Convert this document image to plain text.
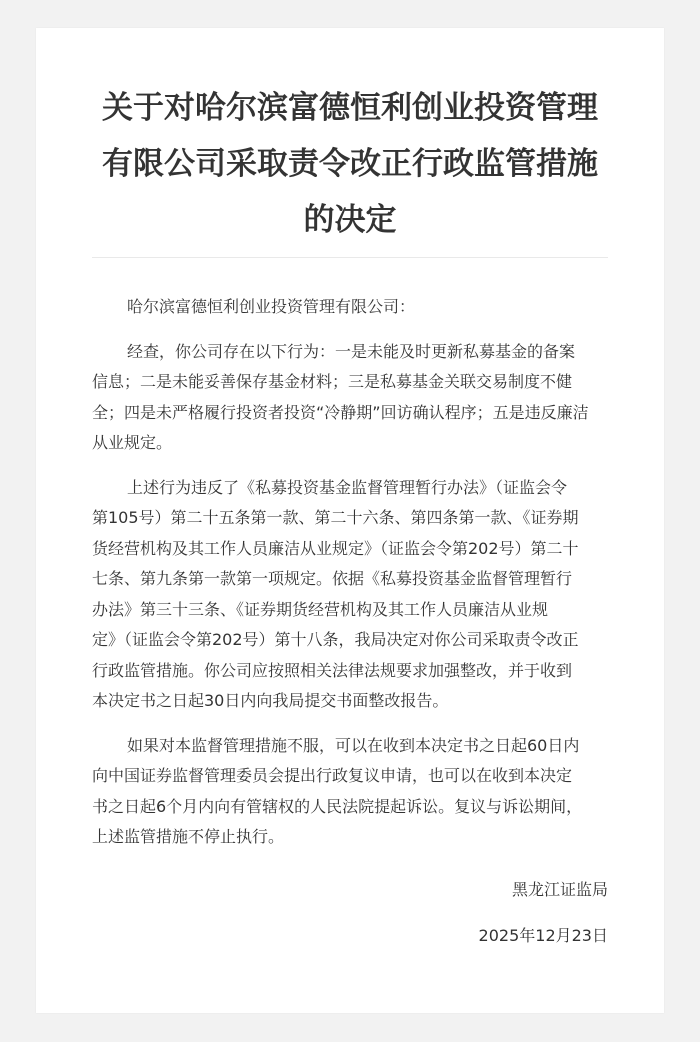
关于对哈尔滨富德恒利创业投资管理
有限公司采取责令改正行政监管措施
的决定

哈尔滨富德恒利创业投资管理有限公司：

经查，你公司存在以下行为：一是未能及时更新私募基金的备案
信息；二是未能妥善保存基金材料；三是私募基金关联交易制度不健
全；四是未严格履行投资者投资“冷静期”回访确认程序；五是违反廉洁
从业规定。

上述行为违反了《私募投资基金监督管理暂行办法》（证监会令
第105号）第二十五条第一款、第二十六条、第四条第一款、《证券期
货经营机构及其工作人员廉洁从业规定》（证监会令第202号）第二十
七条、第九条第一款第一项规定。依据《私募投资基金监督管理暂行
办法》第三十三条、《证券期货经营机构及其工作人员廉洁从业规
定》（证监会令第202号）第十八条，我局决定对你公司采取责令改正
行政监管措施。你公司应按照相关法律法规要求加强整改，并于收到
本决定书之日起30日内向我局提交书面整改报告。

如果对本监督管理措施不服，可以在收到本决定书之日起60日内
向中国证券监督管理委员会提出行政复议申请，也可以在收到本决定
书之日起6个月内向有管辖权的人民法院提起诉讼。复议与诉讼期间，
上述监管措施不停止执行。

黑龙江证监局
2025年12月23日
